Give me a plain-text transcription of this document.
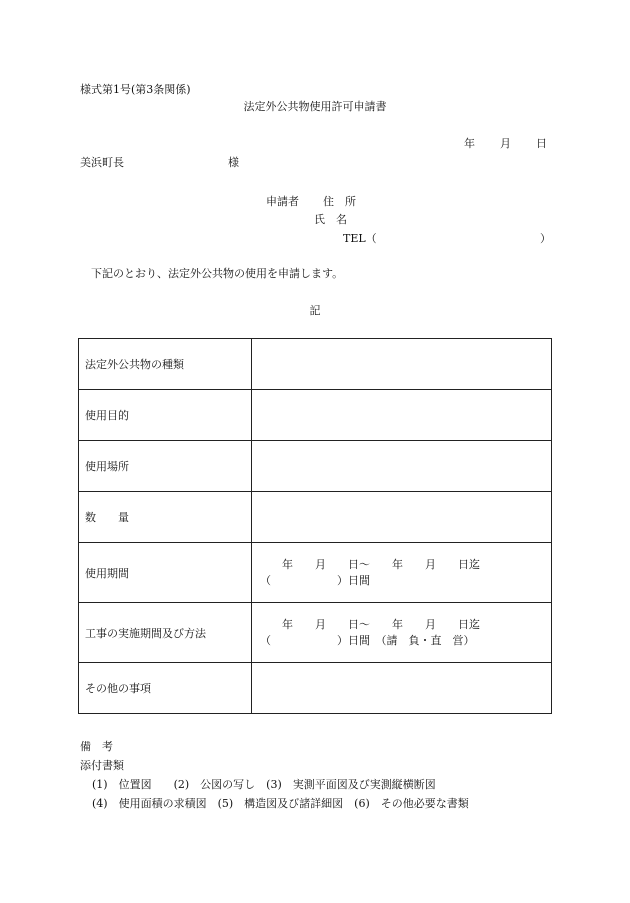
様式第1号(第3条関係)
法定外公共物使用許可申請書
年 月 日
美浜町長	様
申請者 住　所
氏　名
TEL（	）
下記のとおり、法定外公共物の使用を申請します。
記
法定外公共物の種類	
使用目的	
使用場所	
数　　量	
使用期間	　　年　　月　　日～　　年　　月　　日迄
（　　　　　　）日間

工事の実施期間及び方法	　　年　　月　　日～　　年　　月　　日迄
（　　　　　　）日間　（請　負・直　営）

その他の事項	
備　考
添付書類
(1)　位置図　　(2)　公図の写し　(3)　実測平面図及び実測縦横断図
(4)　使用面積の求積図　(5)　構造図及び諸詳細図　(6)　その他必要な書類
